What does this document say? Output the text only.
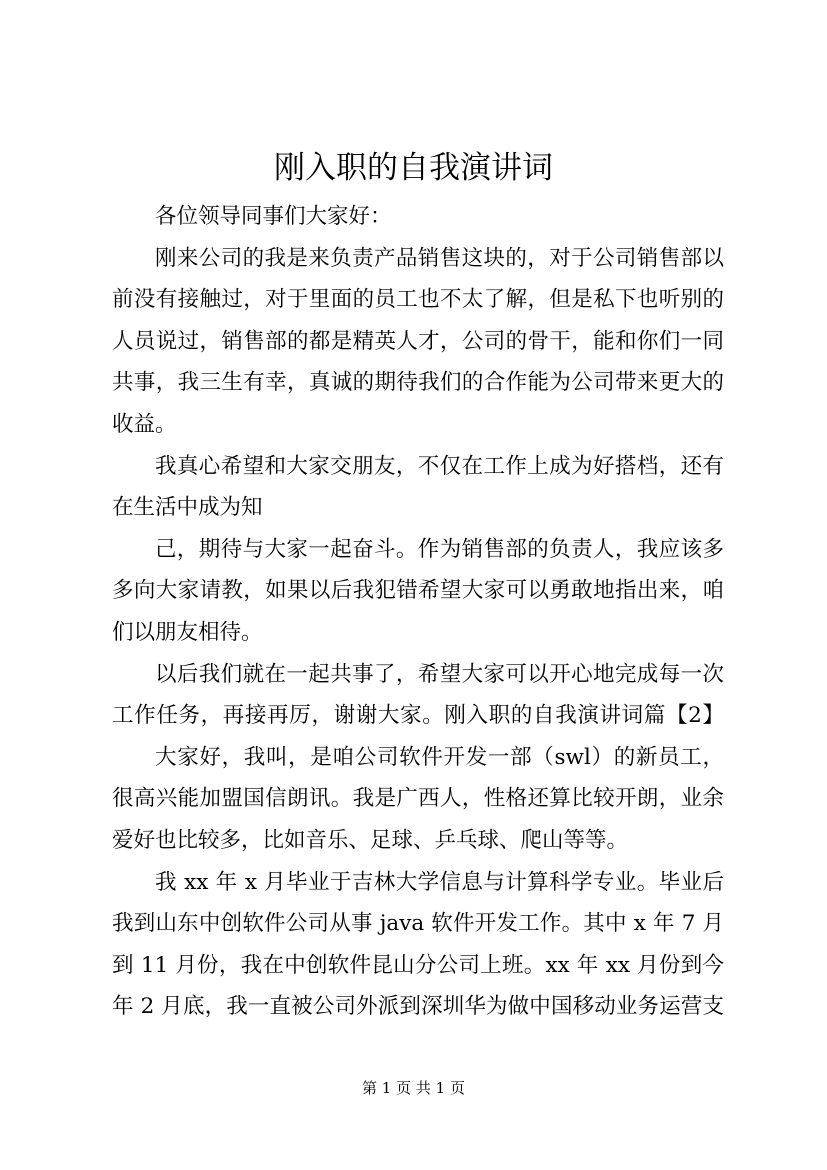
刚入职的自我演讲词

各位领导同事们大家好：

刚来公司的我是来负责产品销售这块的，对于公司销售部以

前没有接触过，对于里面的员工也不太了解，但是私下也听别的

人员说过，销售部的都是精英人才，公司的骨干，能和你们一同

共事，我三生有幸，真诚的期待我们的合作能为公司带来更大的

收益。

我真心希望和大家交朋友，不仅在工作上成为好搭档，还有

在生活中成为知

己，期待与大家一起奋斗。作为销售部的负责人，我应该多

多向大家请教，如果以后我犯错希望大家可以勇敢地指出来，咱

们以朋友相待。

以后我们就在一起共事了，希望大家可以开心地完成每一次

工作任务，再接再厉，谢谢大家。刚入职的自我演讲词篇【2】

大家好，我叫，是咱公司软件开发一部（swl）的新员工，

很高兴能加盟国信朗讯。我是广西人，性格还算比较开朗，业余

爱好也比较多，比如音乐、足球、乒乓球、爬山等等。

我 xx 年 x 月毕业于吉林大学信息与计算科学专业。毕业后

我到山东中创软件公司从事 java 软件开发工作。其中 x 年 7 月

到 11 月份，我在中创软件昆山分公司上班。xx 年 xx 月份到今

年 2 月底，我一直被公司外派到深圳华为做中国移动业务运营支

第 1 页 共 1 页
